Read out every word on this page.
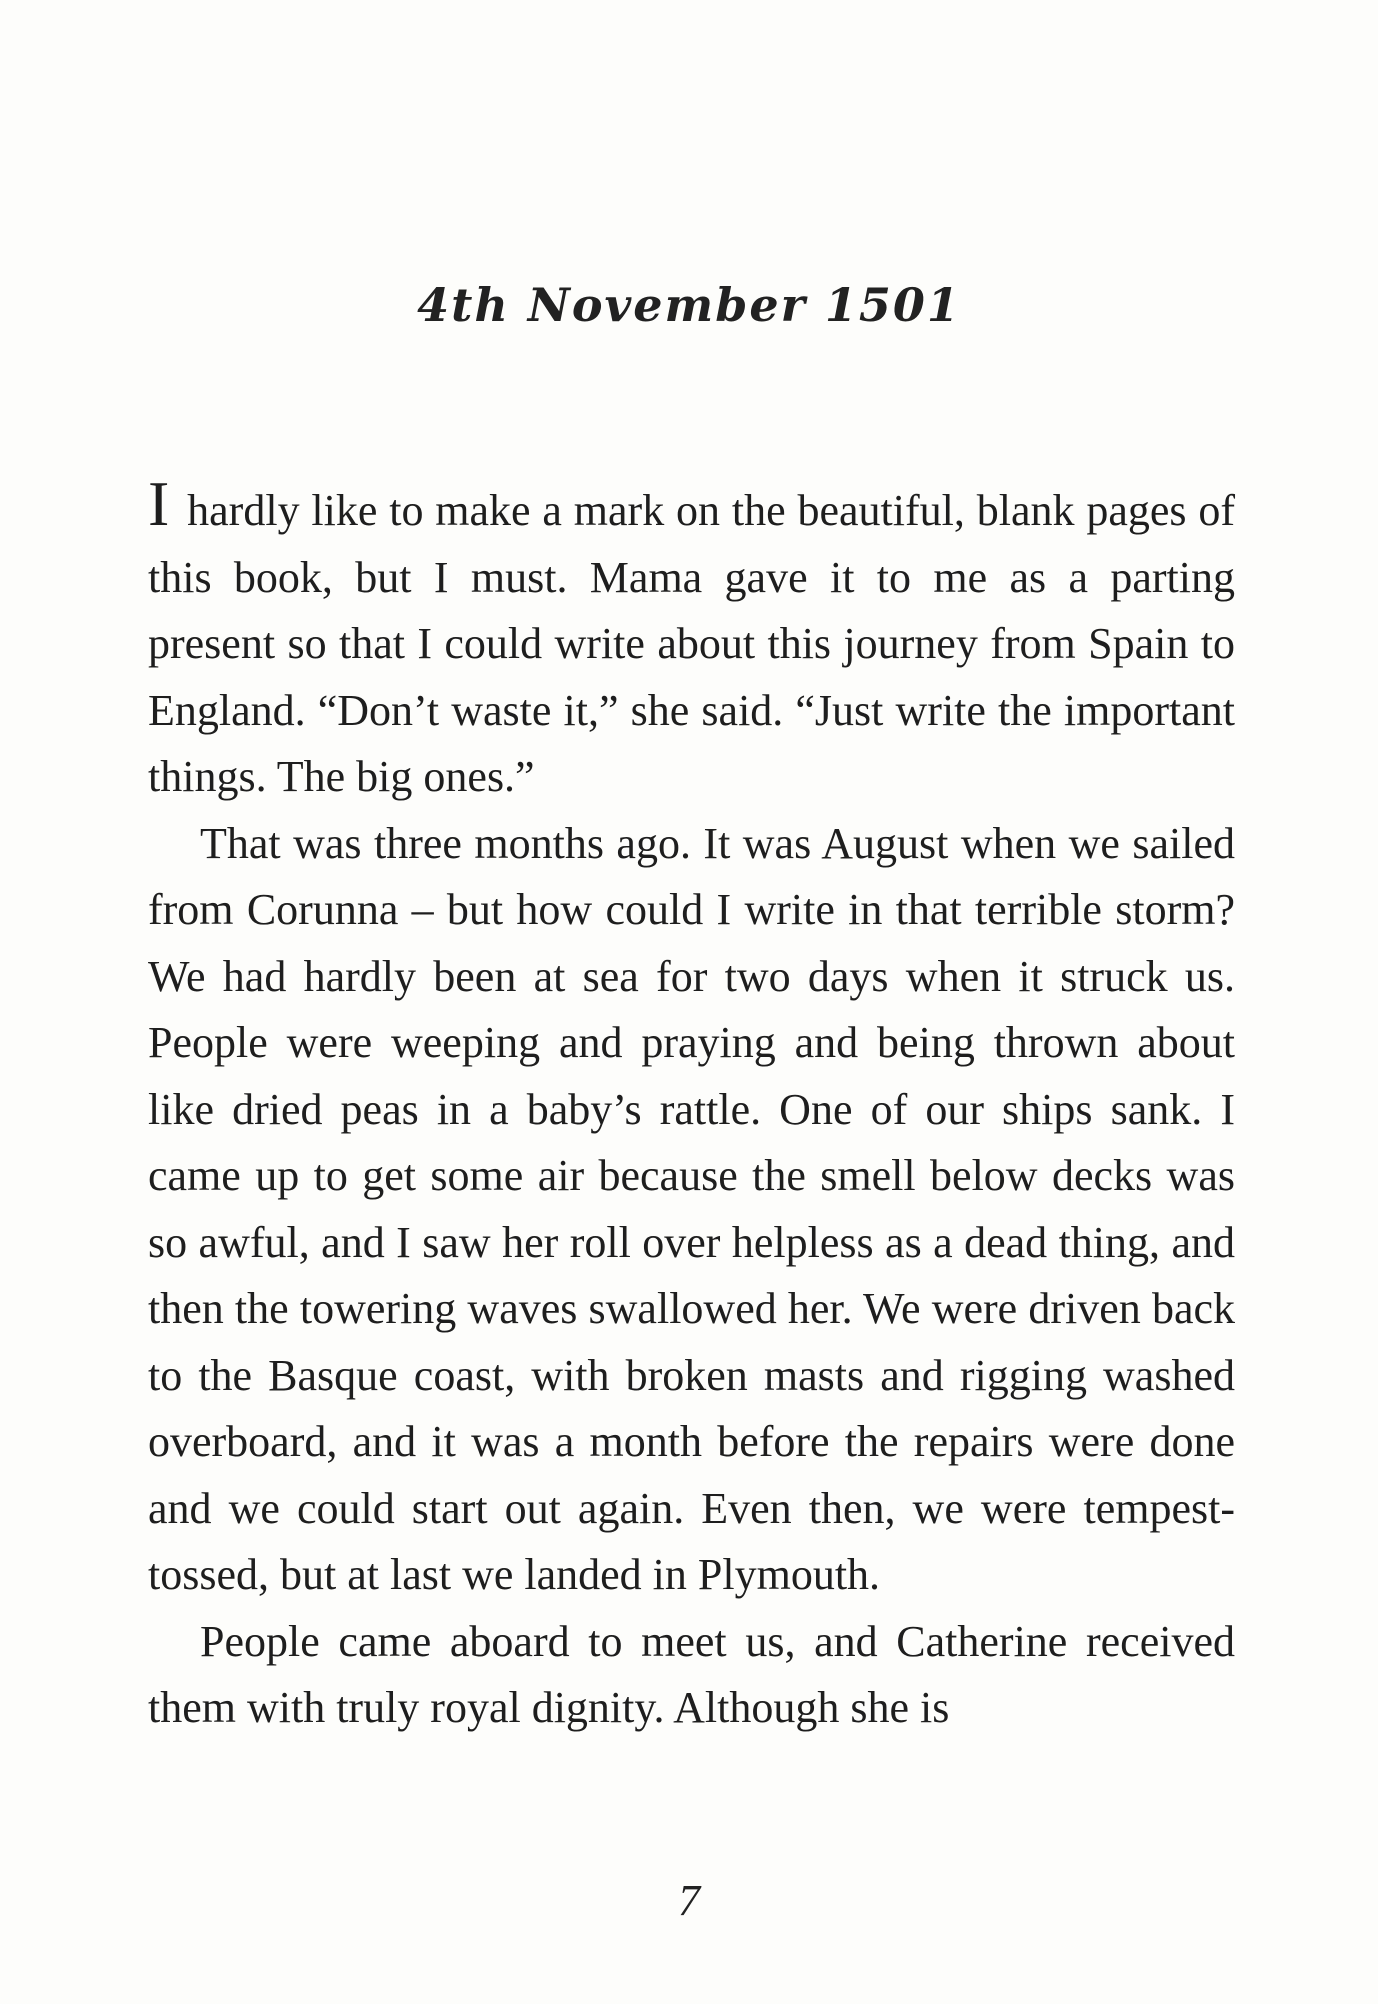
4th November 1501

I hardly like to make a mark on the beautiful, blank pages of this book, but I must. Mama gave it to me as a parting present so that I could write about this journey from Spain to England. “Don’t waste it,” she said. “Just write the important things. The big ones.”

That was three months ago. It was August when we sailed from Corunna – but how could I write in that terrible storm? We had hardly been at sea for two days when it struck us. People were weeping and praying and being thrown about like dried peas in a baby’s rattle. One of our ships sank. I came up to get some air because the smell below decks was so awful, and I saw her roll over helpless as a dead thing, and then the towering waves swallowed her. We were driven back to the Basque coast, with broken masts and rigging washed overboard, and it was a month before the repairs were done and we could start out again. Even then, we were tempest-tossed, but at last we landed in Plymouth.

People came aboard to meet us, and Catherine received them with truly royal dignity. Although she is

7
